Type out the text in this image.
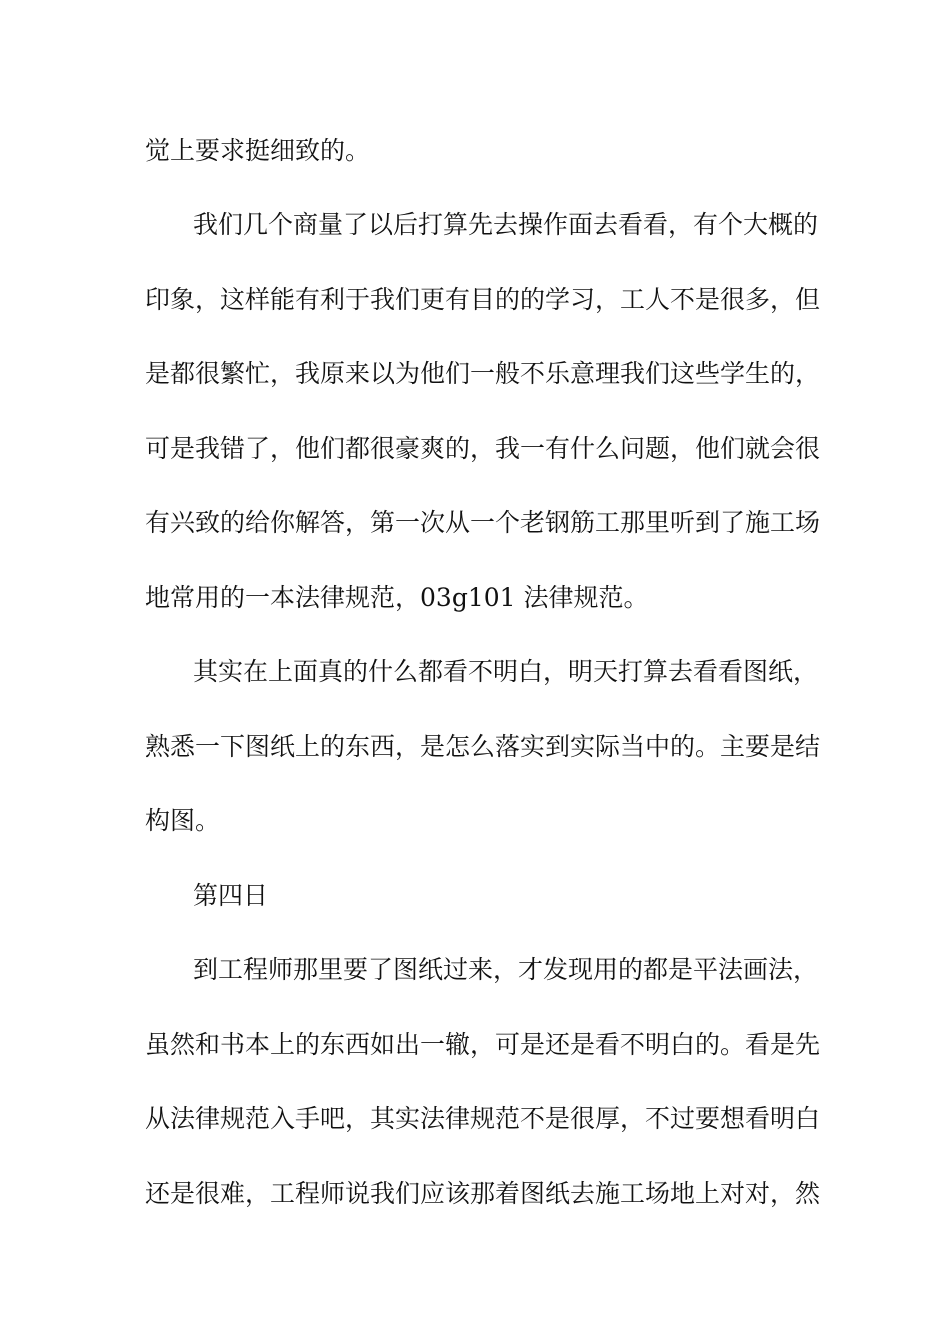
觉上要求挺细致的。
我们几个商量了以后打算先去操作面去看看，有个大概的
印象，这样能有利于我们更有目的的学习，工人不是很多，但
是都很繁忙，我原来以为他们一般不乐意理我们这些学生的，
可是我错了，他们都很豪爽的，我一有什么问题，他们就会很
有兴致的给你解答，第一次从一个老钢筋工那里听到了施工场
地常用的一本法律规范，03g101 法律规范。
其实在上面真的什么都看不明白，明天打算去看看图纸，
熟悉一下图纸上的东西，是怎么落实到实际当中的。主要是结
构图。
第四日
到工程师那里要了图纸过来，才发现用的都是平法画法，
虽然和书本上的东西如出一辙，可是还是看不明白的。看是先
从法律规范入手吧，其实法律规范不是很厚，不过要想看明白
还是很难，工程师说我们应该那着图纸去施工场地上对对，然
